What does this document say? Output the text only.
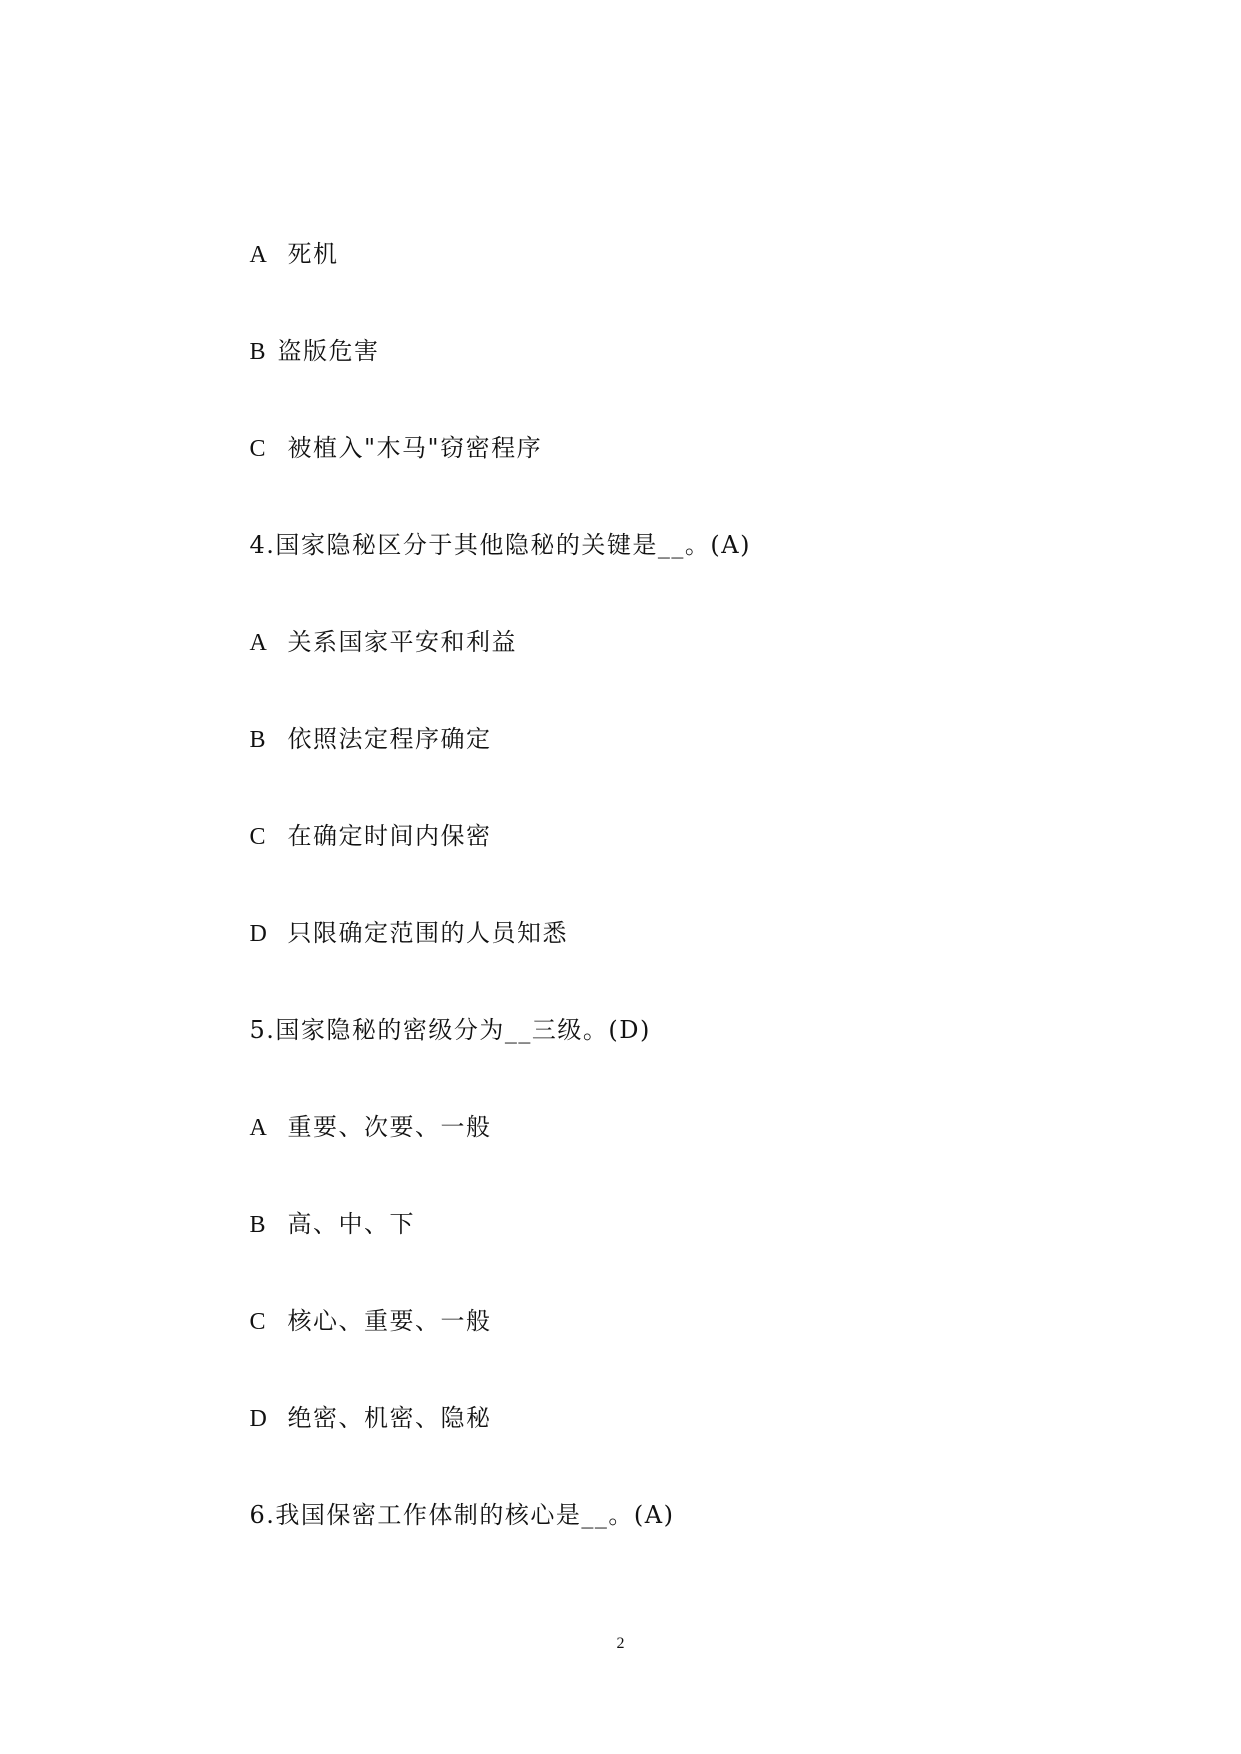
A 死机

B 盗版危害

C 被植入"木马"窃密程序

4.国家隐秘区分于其他隐秘的关键是__。(A)

A 关系国家平安和利益

B 依照法定程序确定

C 在确定时间内保密

D 只限确定范围的人员知悉

5.国家隐秘的密级分为__三级。(D)

A 重要、次要、一般

B 高、中、下

C 核心、重要、一般

D 绝密、机密、隐秘

6.我国保密工作体制的核心是__。(A)

2
